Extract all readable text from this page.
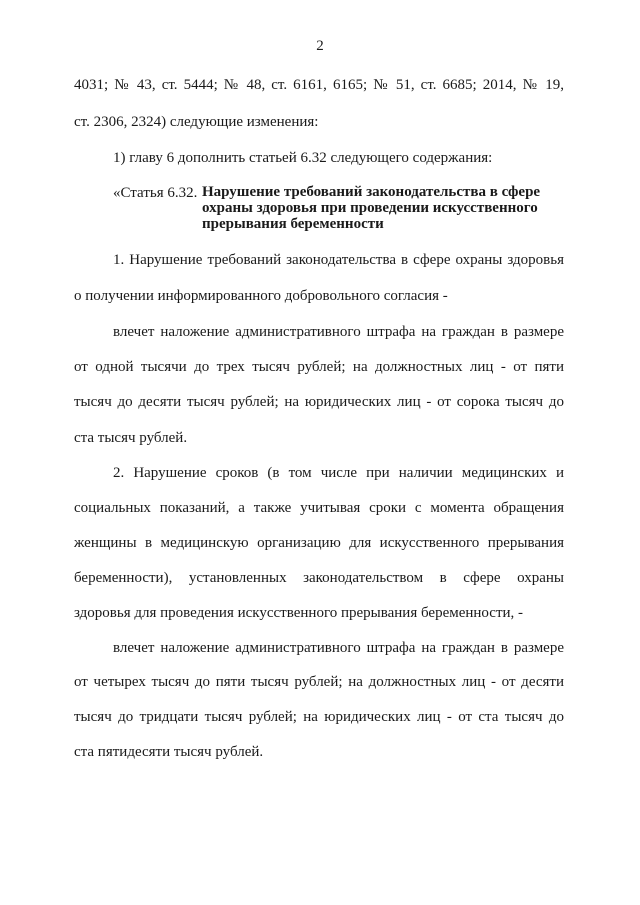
2
4031; № 43, ст. 5444; № 48, ст. 6161, 6165; № 51, ст. 6685; 2014, № 19,
ст. 2306, 2324) следующие изменения:
1) главу 6 дополнить статьей 6.32 следующего содержания:
«Статья 6.32. Нарушение требований законодательства в сфере
охраны здоровья при проведении искусственного
прерывания беременности
1. Нарушение требований законодательства в сфере охраны здоровья
о получении информированного добровольного согласия -
влечет наложение административного штрафа на граждан в размере
от одной тысячи до трех тысяч рублей; на должностных лиц - от пяти
тысяч до десяти тысяч рублей; на юридических лиц - от сорока тысяч до
ста тысяч рублей.
2. Нарушение сроков (в том числе при наличии медицинских и
социальных показаний, а также учитывая сроки с момента обращения
женщины в медицинскую организацию для искусственного прерывания
беременности), установленных законодательством в сфере охраны
здоровья для проведения искусственного прерывания беременности, -
влечет наложение административного штрафа на граждан в размере
от четырех тысяч до пяти тысяч рублей; на должностных лиц - от десяти
тысяч до тридцати тысяч рублей; на юридических лиц - от ста тысяч до
ста пятидесяти тысяч рублей.
